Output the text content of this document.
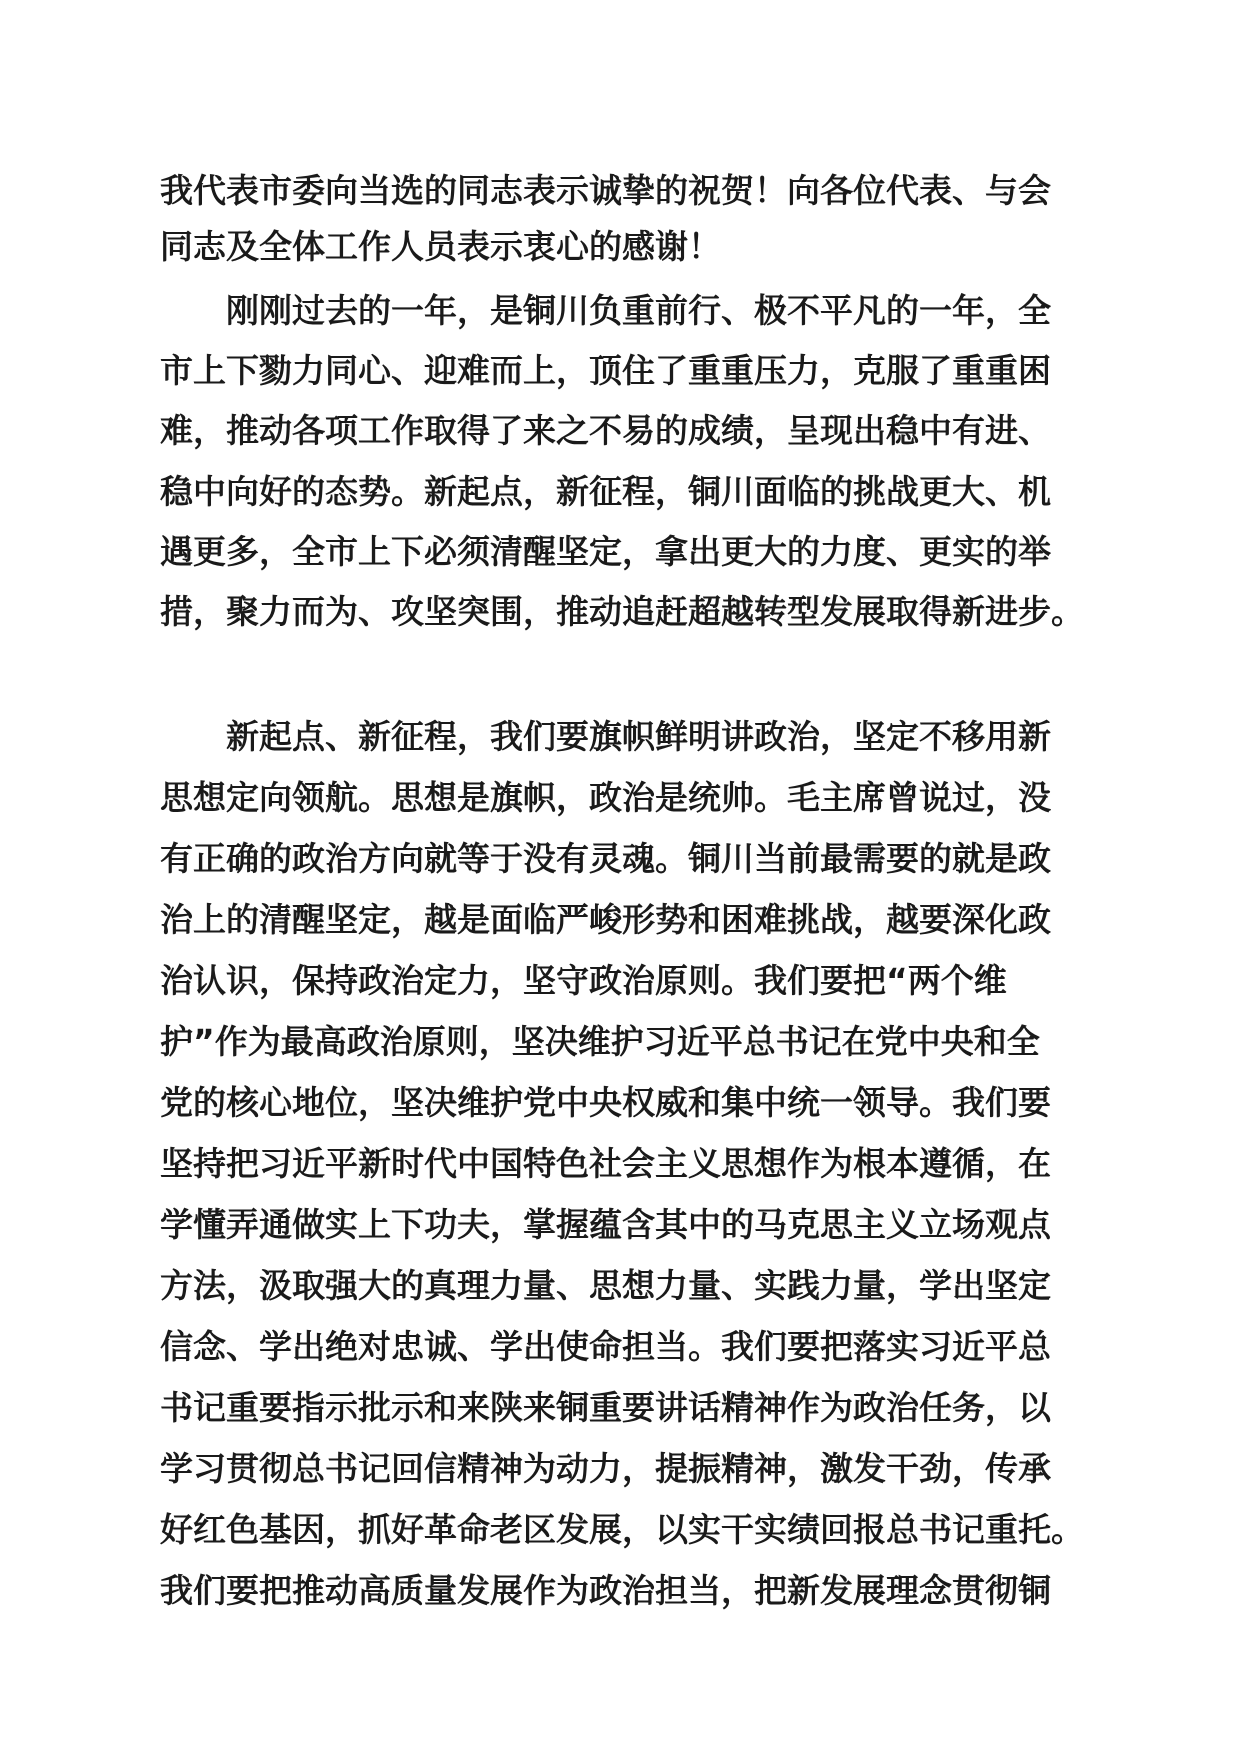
我代表市委向当选的同志表示诚挚的祝贺！向各位代表、与会
同志及全体工作人员表示衷心的感谢！
刚刚过去的一年，是铜川负重前行、极不平凡的一年，全
市上下勠力同心、迎难而上，顶住了重重压力，克服了重重困
难，推动各项工作取得了来之不易的成绩，呈现出稳中有进、
稳中向好的态势。新起点，新征程，铜川面临的挑战更大、机
遇更多，全市上下必须清醒坚定，拿出更大的力度、更实的举
措，聚力而为、攻坚突围，推动追赶超越转型发展取得新进步。
新起点、新征程，我们要旗帜鲜明讲政治，坚定不移用新
思想定向领航。思想是旗帜，政治是统帅。毛主席曾说过，没
有正确的政治方向就等于没有灵魂。铜川当前最需要的就是政
治上的清醒坚定，越是面临严峻形势和困难挑战，越要深化政
治认识，保持政治定力，坚守政治原则。我们要把“两个维
护”作为最高政治原则，坚决维护习近平总书记在党中央和全
党的核心地位，坚决维护党中央权威和集中统一领导。我们要
坚持把习近平新时代中国特色社会主义思想作为根本遵循，在
学懂弄通做实上下功夫，掌握蕴含其中的马克思主义立场观点
方法，汲取强大的真理力量、思想力量、实践力量，学出坚定
信念、学出绝对忠诚、学出使命担当。我们要把落实习近平总
书记重要指示批示和来陕来铜重要讲话精神作为政治任务，以
学习贯彻总书记回信精神为动力，提振精神，激发干劲，传承
好红色基因，抓好革命老区发展，以实干实绩回报总书记重托。
我们要把推动高质量发展作为政治担当，把新发展理念贯彻铜
